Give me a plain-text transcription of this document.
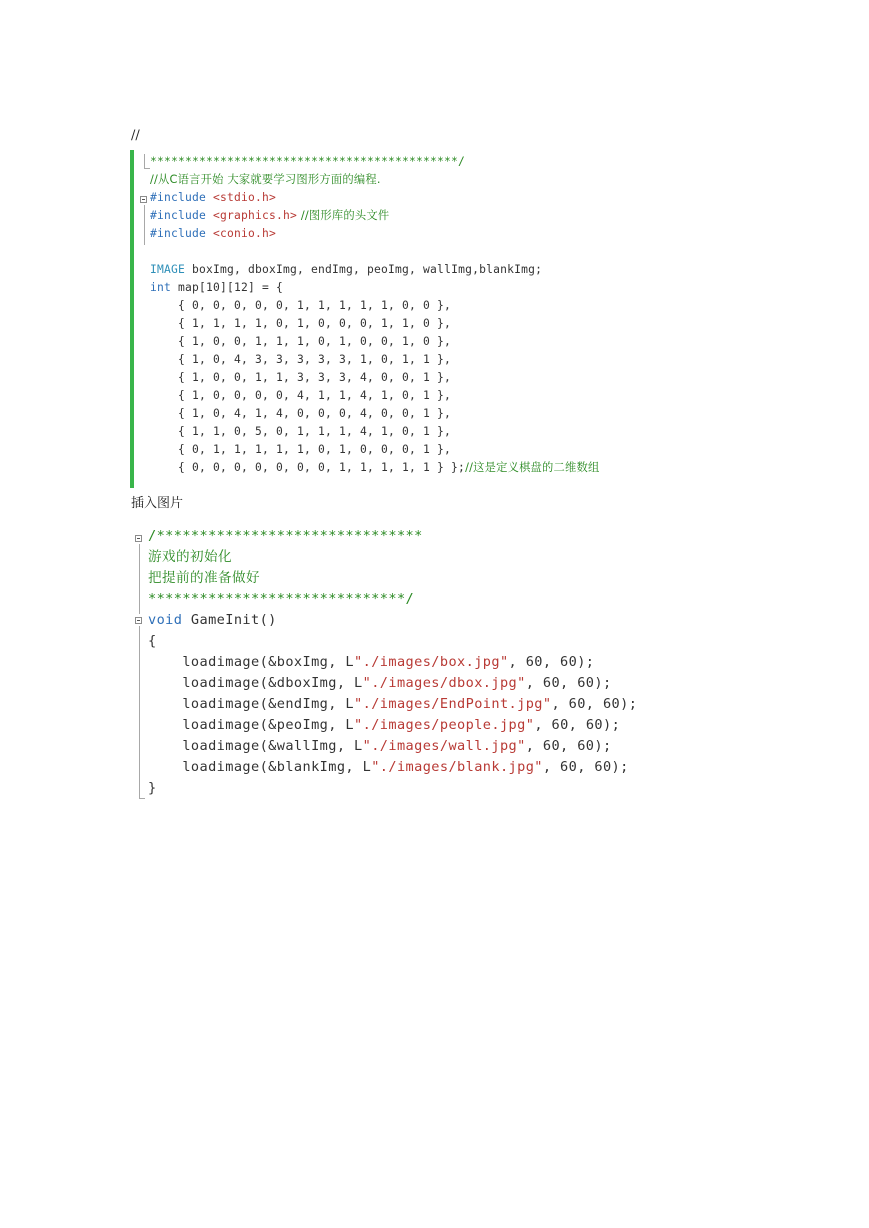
//
********************************************/
//从C语言开始 大家就要学习图形方面的编程.
#include <stdio.h>
#include <graphics.h> //图形库的头文件
#include <conio.h>
IMAGE boxImg, dboxImg, endImg, peoImg, wallImg,blankImg;
int map[10][12] = {
{ 0, 0, 0, 0, 0, 1, 1, 1, 1, 1, 0, 0 },
{ 1, 1, 1, 1, 0, 1, 0, 0, 0, 1, 1, 0 },
{ 1, 0, 0, 1, 1, 1, 0, 1, 0, 0, 1, 0 },
{ 1, 0, 4, 3, 3, 3, 3, 3, 1, 0, 1, 1 },
{ 1, 0, 0, 1, 1, 3, 3, 3, 4, 0, 0, 1 },
{ 1, 0, 0, 0, 0, 4, 1, 1, 4, 1, 0, 1 },
{ 1, 0, 4, 1, 4, 0, 0, 0, 4, 0, 0, 1 },
{ 1, 1, 0, 5, 0, 1, 1, 1, 4, 1, 0, 1 },
{ 0, 1, 1, 1, 1, 1, 0, 1, 0, 0, 0, 1 },
{ 0, 0, 0, 0, 0, 0, 0, 1, 1, 1, 1, 1 } };//这是定义棋盘的二维数组
插入图片
/*******************************
游戏的初始化
把提前的准备做好
******************************/
void GameInit()
{
loadimage(&boxImg, L"./images/box.jpg", 60, 60);
loadimage(&dboxImg, L"./images/dbox.jpg", 60, 60);
loadimage(&endImg, L"./images/EndPoint.jpg", 60, 60);
loadimage(&peoImg, L"./images/people.jpg", 60, 60);
loadimage(&wallImg, L"./images/wall.jpg", 60, 60);
loadimage(&blankImg, L"./images/blank.jpg", 60, 60);
}
